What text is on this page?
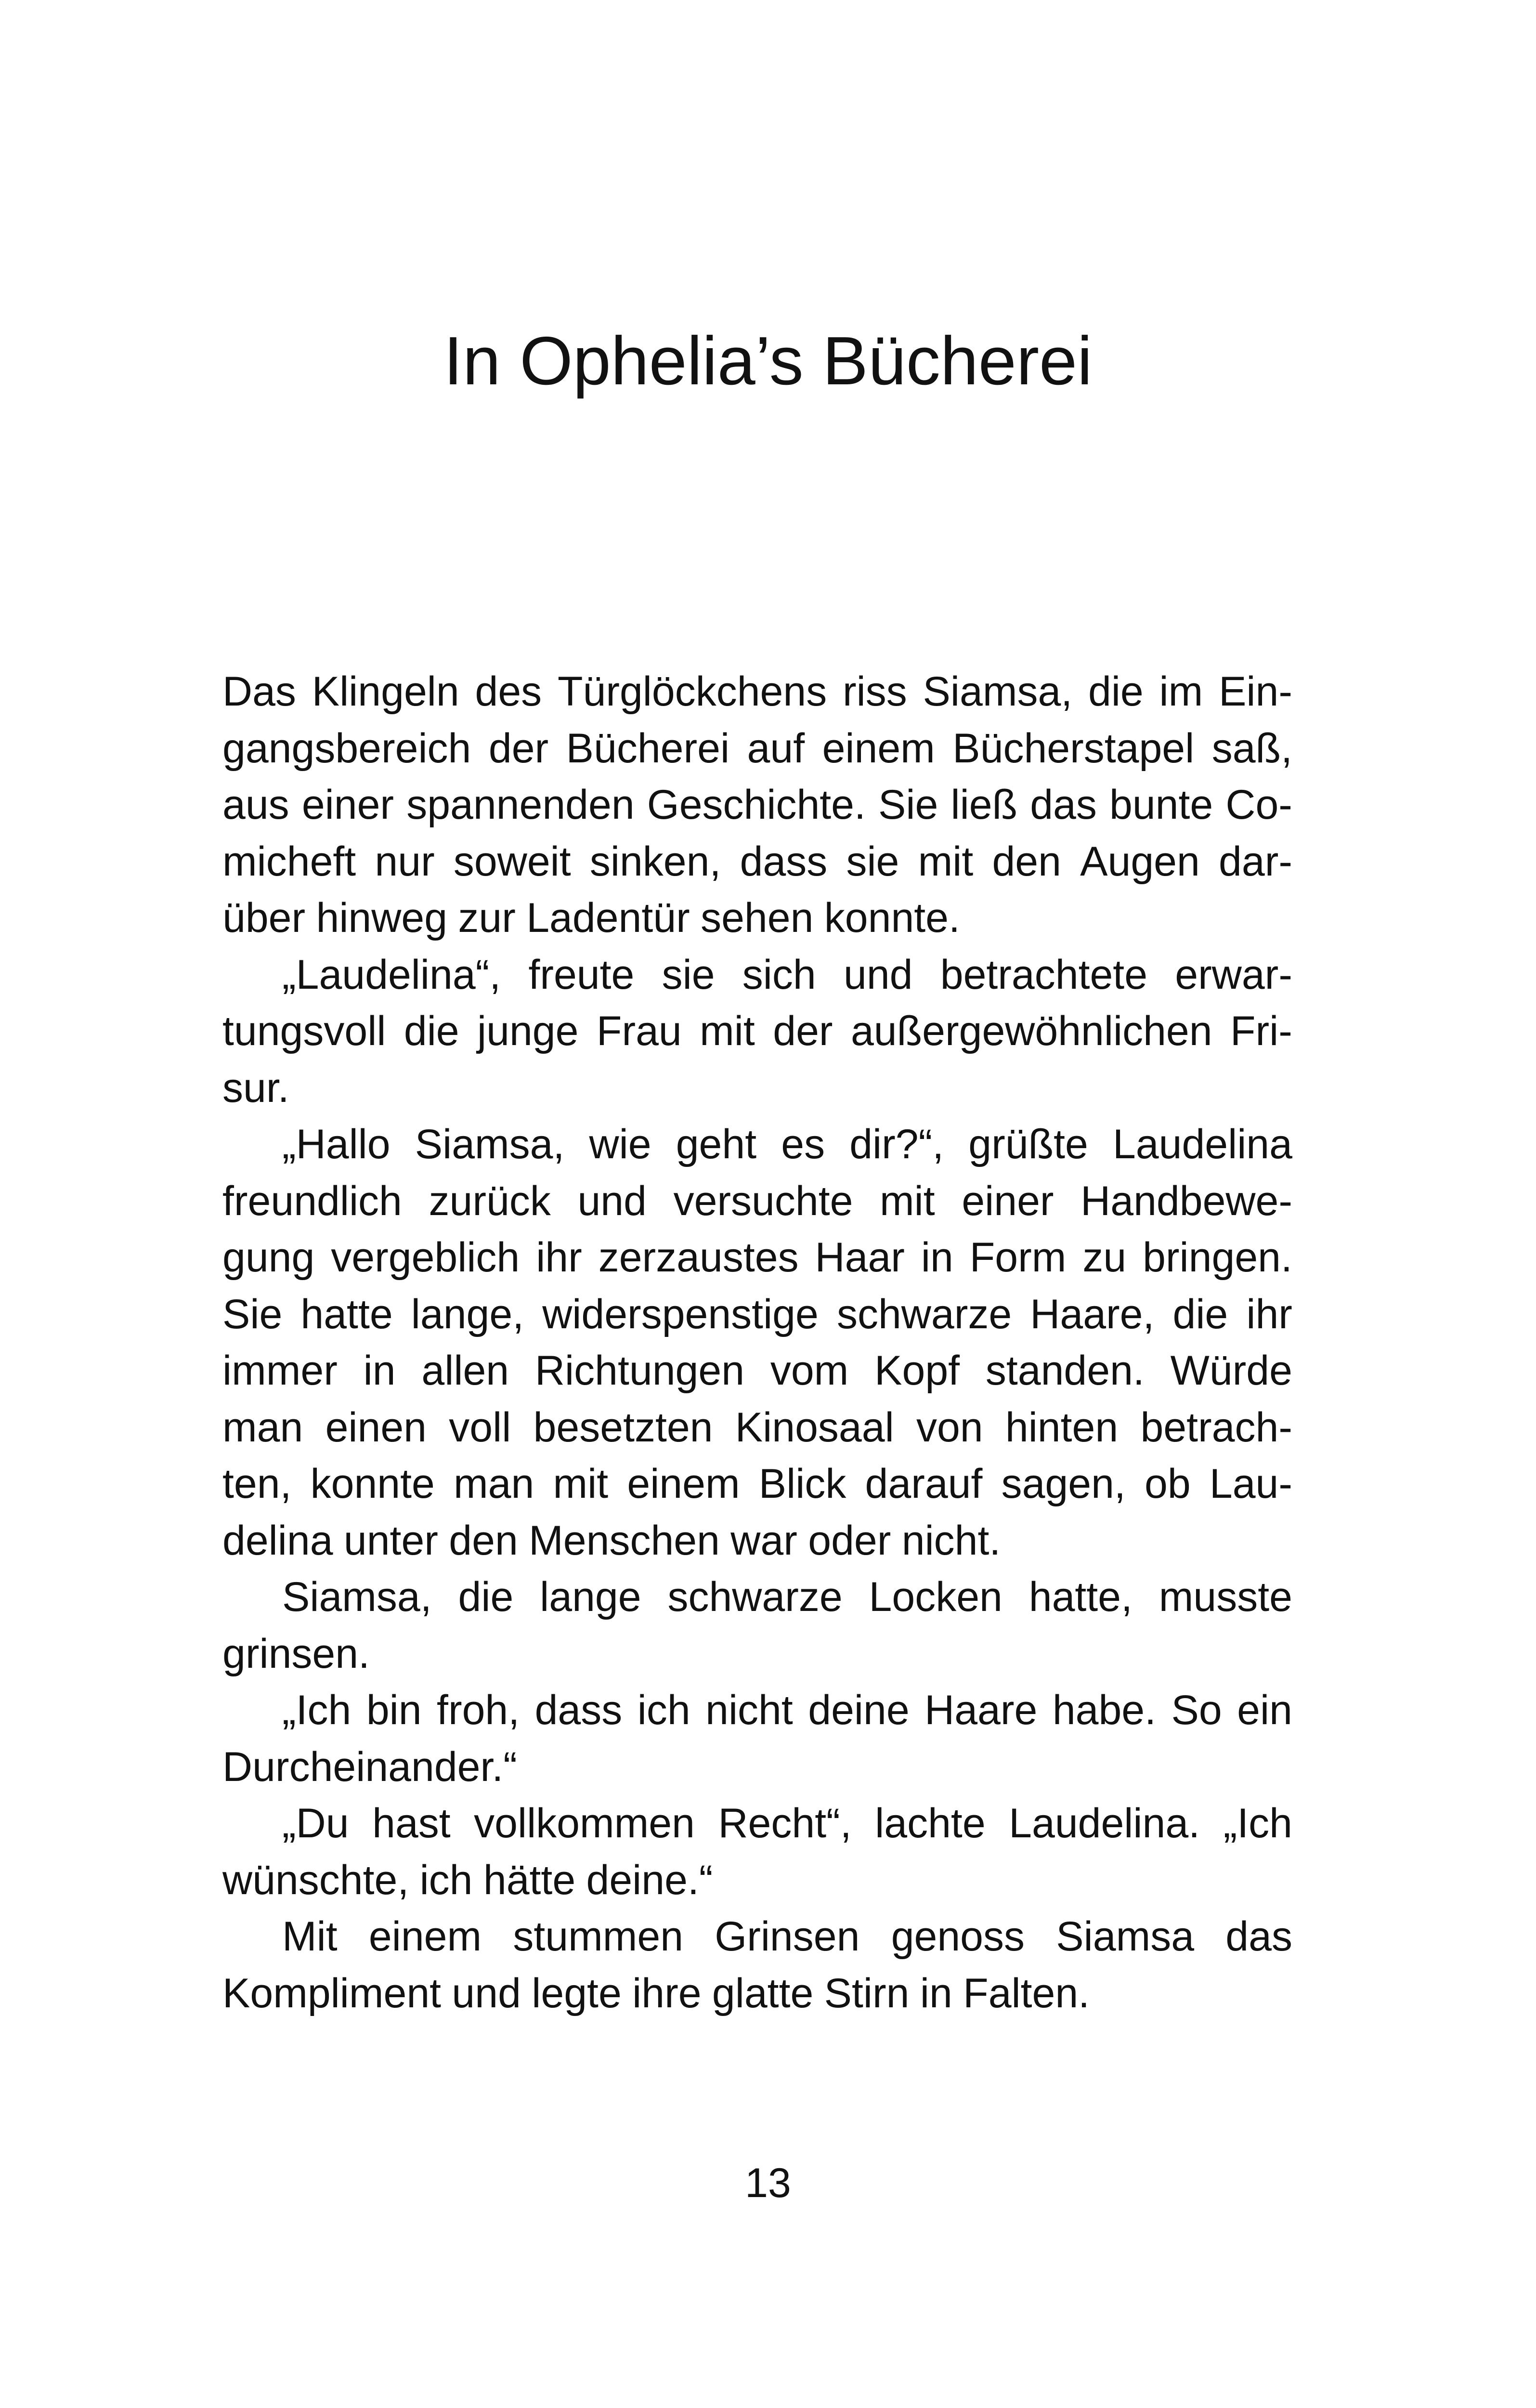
In Ophelia’s Bücherei
Das Klingeln des Türglöckchens riss Siamsa, die im Ein-
gangsbereich der Bücherei auf einem Bücherstapel saß,
aus einer spannenden Geschichte. Sie ließ das bunte Co-
micheft nur soweit sinken, dass sie mit den Augen dar-
über hinweg zur Ladentür sehen konnte.
„Laudelina“, freute sie sich und betrachtete erwar-
tungsvoll die junge Frau mit der außergewöhnlichen Fri-
sur.
„Hallo Siamsa, wie geht es dir?“, grüßte Laudelina
freundlich zurück und versuchte mit einer Handbewe-
gung vergeblich ihr zerzaustes Haar in Form zu bringen.
Sie hatte lange, widerspenstige schwarze Haare, die ihr
immer in allen Richtungen vom Kopf standen. Würde
man einen voll besetzten Kinosaal von hinten betrach-
ten, konnte man mit einem Blick darauf sagen, ob Lau-
delina unter den Menschen war oder nicht.
Siamsa, die lange schwarze Locken hatte, musste
grinsen.
„Ich bin froh, dass ich nicht deine Haare habe. So ein
Durcheinander.“
„Du hast vollkommen Recht“, lachte Laudelina. „Ich
wünschte, ich hätte deine.“
Mit einem stummen Grinsen genoss Siamsa das
Kompliment und legte ihre glatte Stirn in Falten.
13
